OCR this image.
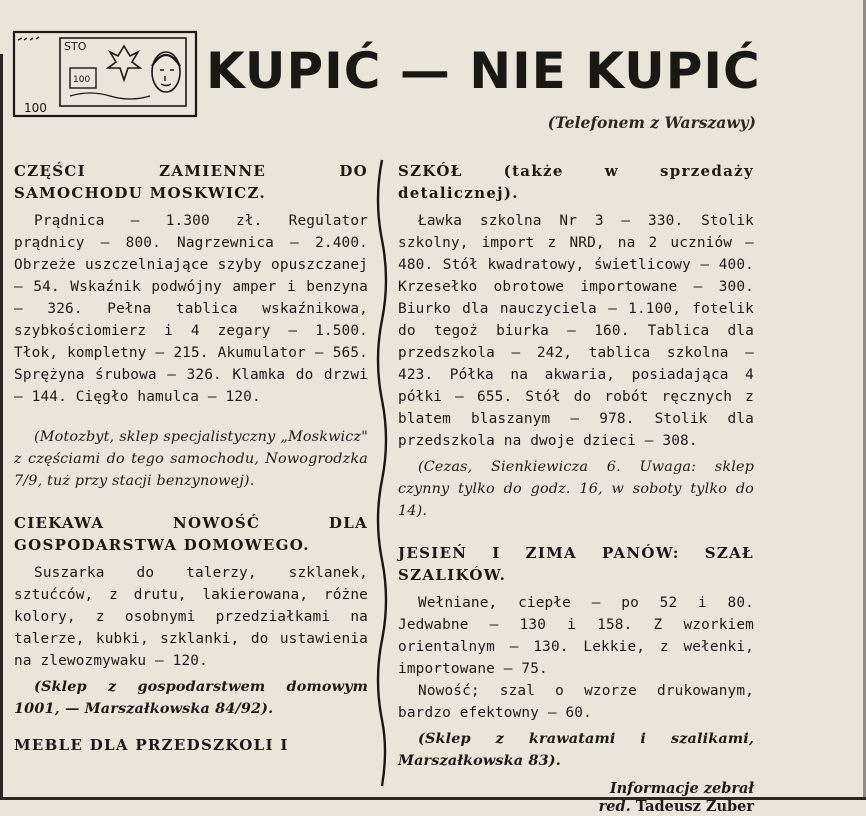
STO
100
100
KUPIĆ — NIE KUPIĆ
(Telefonem z Warszawy)
CZĘŚCI ZAMIENNE DO SAMOCHODU MOSKWICZ.

Prądnica — 1.300 zł. Regulator prądnicy — 800. Nagrzewnica — 2.400. Obrzeże uszczelniające szyby opuszczanej — 54. Wskaźnik podwójny amper i benzyna — 326. Pełna tablica wskaźnikowa, szybkościomierz i 4 zegary — 1.500. Tłok, kompletny — 215. Akumulator — 565. Sprężyna śrubowa — 326. Klamka do drzwi — 144. Cięgło hamulca — 120.

(Motozbyt, sklep specjalistyczny „Moskwicz" z częściami do tego samochodu, Nowogrodzka 7/9, tuż przy stacji benzynowej).

CIEKAWA NOWOŚĆ DLA GOSPODARSTWA DOMOWEGO.

Suszarka do talerzy, szklanek, sztućców, z drutu, lakierowana, różne kolory, z osobnymi przedziałkami na talerze, kubki, szklanki, do ustawienia na zlewozmywaku — 120.

(Sklep z gospodarstwem domowym 1001, — Marszałkowska 84/92).

MEBLE DLA PRZEDSZKOLI I
SZKÓŁ (także w sprzedaży detalicznej).

Ławka szkolna Nr 3 — 330. Stolik szkolny, import z NRD, na 2 uczniów — 480. Stół kwadratowy, świetlicowy — 400. Krzesełko obrotowe importowane — 300. Biurko dla nauczyciela — 1.100, fotelik do tegoż biurka — 160. Tablica dla przedszkola — 242, tablica szkolna — 423. Półka na akwaria, posiadająca 4 półki — 655. Stół do robót ręcznych z blatem blaszanym — 978. Stolik dla przedszkola na dwoje dzieci — 308.

(Cezas, Sienkiewicza 6. Uwaga: sklep czynny tylko do godz. 16, w soboty tylko do 14).

JESIEŃ I ZIMA PANÓW: SZAŁ SZALIKÓW.

Wełniane, ciepłe — po 52 i 80. Jedwabne — 130 i 158. Z wzorkiem orientalnym — 130. Lekkie, z wełenki, importowane — 75.

Nowość; szal o wzorze drukowanym, bardzo efektowny — 60.

(Sklep z krawatami i szalikami, Marszałkowska 83).

Informacje zebrał
red. Tadeusz Zuber
